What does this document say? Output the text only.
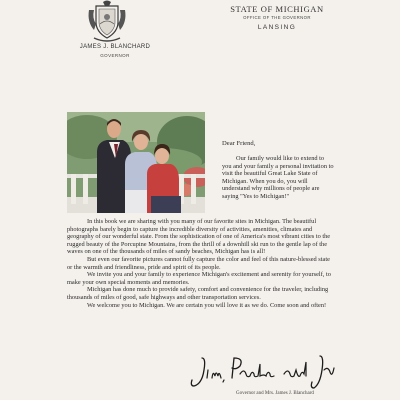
JAMES J. BLANCHARD
GOVERNOR
STATE OF MICHIGAN
OFFICE OF THE GOVERNOR
LANSING
Dear Friend,
Our family would like to extend to you and your family a personal invitation to visit the beautiful Great Lake State of Michigan. When you do, you will understand why millions of people are saying "Yes to Michigan!"

In this book we are sharing with you many of our favorite sites in Michigan. The beautiful photographs barely begin to capture the incredible diversity of activities, amenities, climates and geography of our wonderful state. From the sophistication of one of America's most vibrant cities to the rugged beauty of the Porcupine Mountains, from the thrill of a downhill ski run to the gentle lap of the waves on one of the thousands of miles of sandy beaches, Michigan has is all!

But even our favorite pictures cannot fully capture the color and feel of this nature-blessed state or the warmth and friendliness, pride and spirit of its people.

We invite you and your family to experience Michigan's excitement and serenity for yourself, to make your own special moments and memories.

Michigan has done much to provide safety, comfort and convenience for the traveler, including thousands of miles of good, safe highways and other transportation services.

We welcome you to Michigan. We are certain you will love it as we do. Come soon and often!

Governor and Mrs. James J. Blanchard
